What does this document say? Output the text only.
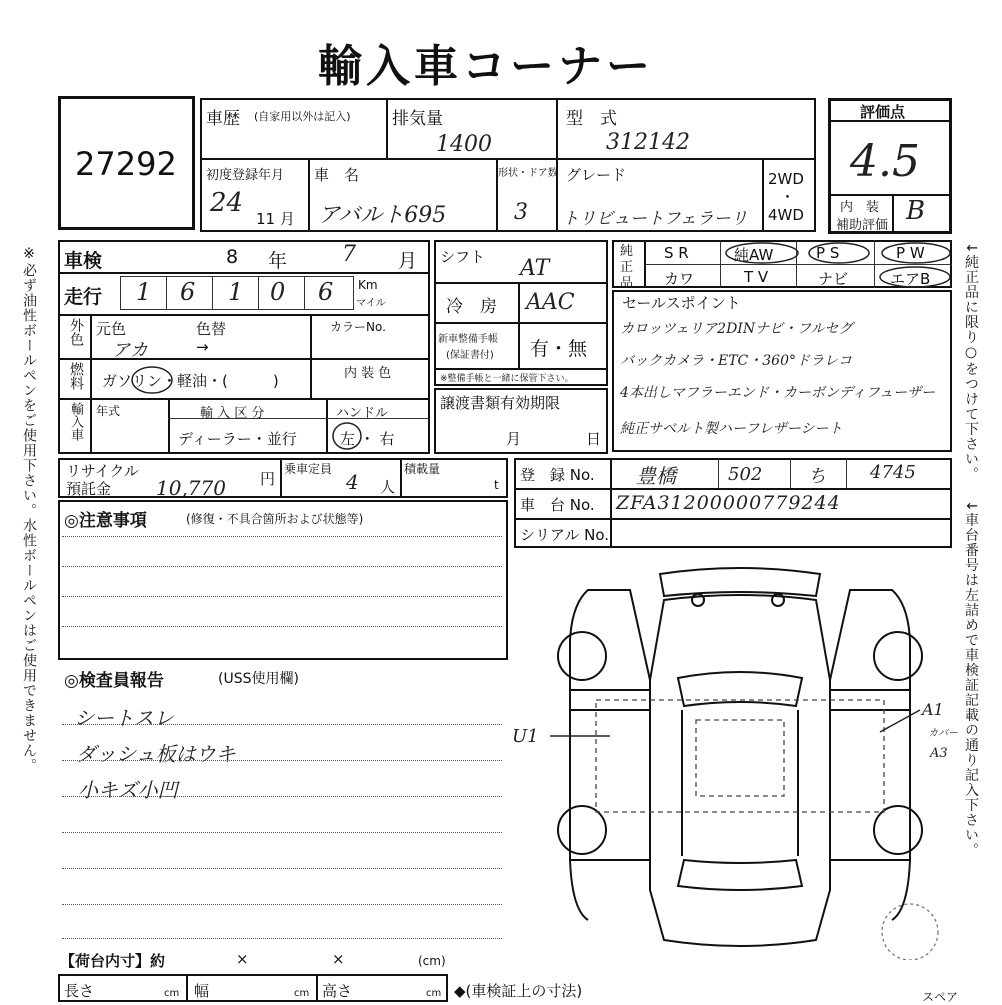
輸入車コーナー
27292
車歴 (自家用以外は記入) 排気量
1400
型　式
312142
初度登録年月
24
11 月
車　名
アバルト695
形状・ドア数
3
グレード
トリビュートフェラーリ
2WD
・
4WD
評価点
4.5
内　装
補助評価 B
車検	8 年 7 月
走行 1 6 1 0 6 Km
マイル
外色 元色	色替
アカ	→
カラーNo.
燃料 ガソリン・軽油・(　　　)	内 装 色
輸入車 年式	輸 入 区 分
ディーラー・並行
ハンドル
左 ・ 右
シフト AT
冷　房 AAC
新車整備手帳
(保証書付) 有・無
※整備手帳と一緒に保管下さい。
譲渡書類有効期限
月	日
純
正
品
S R	純AW	P S	P W
カワ	T V	ナビ	エアB
セールスポイント
カロッツェリア2DINナビ・フルセグ
バックカメラ・ETC・360°ドラレコ
4本出しマフラーエンド・カーボンディフューザー
純正サベルト製ハーフレザーシート
リサイクル
預託金 10,770 円
乗車定員
4 人
積載量
t
登　録 No. 豊橋	502	ち 4745
車　台 No. ZFA31200000779244
シリアル No.
◎注意事項	(修復・不具合箇所および状態等)
◎検査員報告	(USS使用欄)
シートスレ
ダッシュ板はウキ
小キズ小凹
U1
A1
カバー
A3
スペア
【荷台内寸】約	×	×	(cm)
長さ	cm 幅	cm 高さ	cm ◆(車検証上の寸法)
※必ず油性ボールペンをご使用下さい。水性ボールペンはご使用できません。	↓純正品に限り○をつけて下さい。
↓車台番号は左詰めで車検証記載の通り記入下さい。
